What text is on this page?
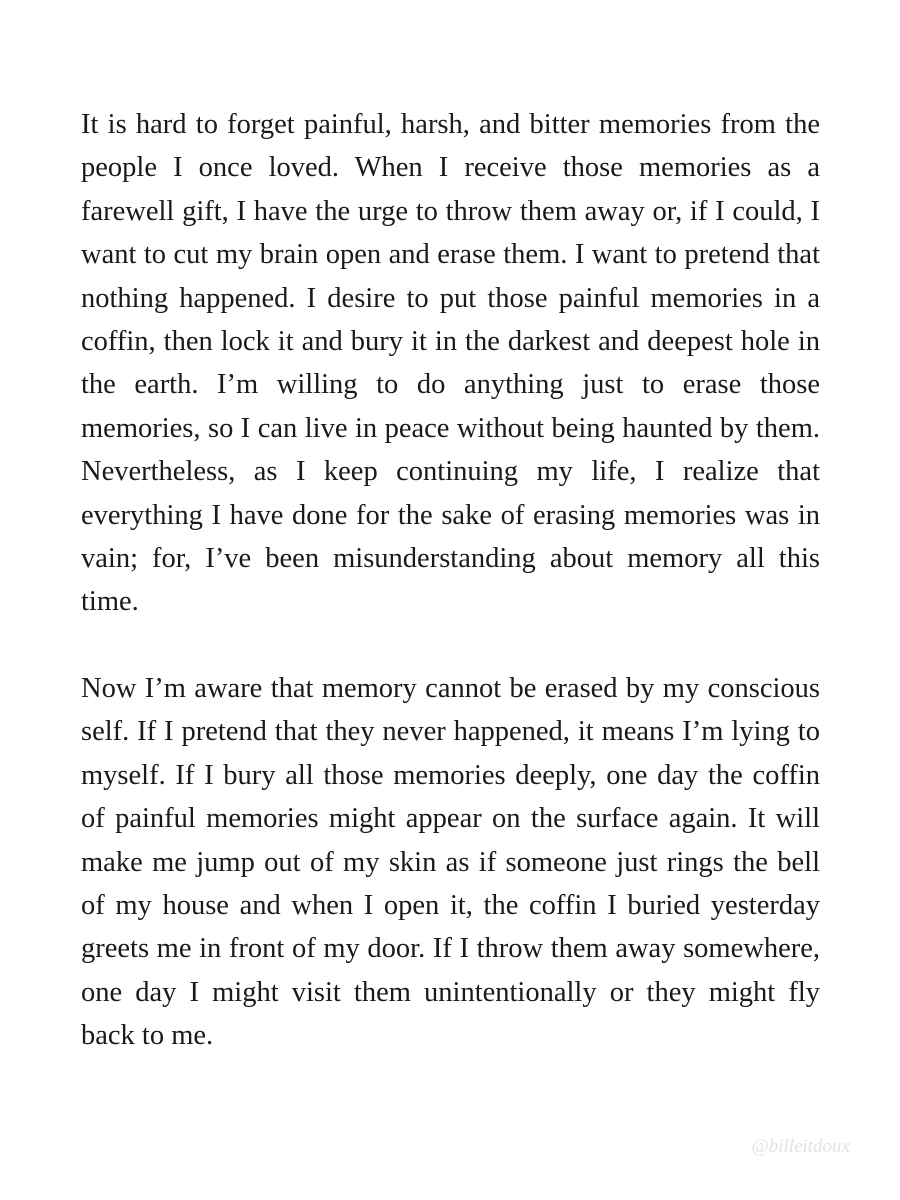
It is hard to forget painful, harsh, and bitter memories from the people I once loved. When I receive those memories as a farewell gift, I have the urge to throw them away or, if I could, I want to cut my brain open and erase them. I want to pretend that nothing happened. I desire to put those painful memories in a coffin, then lock it and bury it in the darkest and deepest hole in the earth. I’m willing to do anything just to erase those memories, so I can live in peace without being haunted by them. Nevertheless, as I keep continuing my life, I realize that everything I have done for the sake of erasing memories was in vain; for, I’ve been misunderstanding about memory all this time.

Now I’m aware that memory cannot be erased by my conscious self. If I pretend that they never happened, it means I’m lying to myself. If I bury all those memories deeply, one day the coffin of painful memories might appear on the surface again. It will make me jump out of my skin as if someone just rings the bell of my house and when I open it, the coffin I buried yesterday greets me in front of my door. If I throw them away somewhere, one day I might visit them unintentionally or they might fly back to me.

@billeitdoux
